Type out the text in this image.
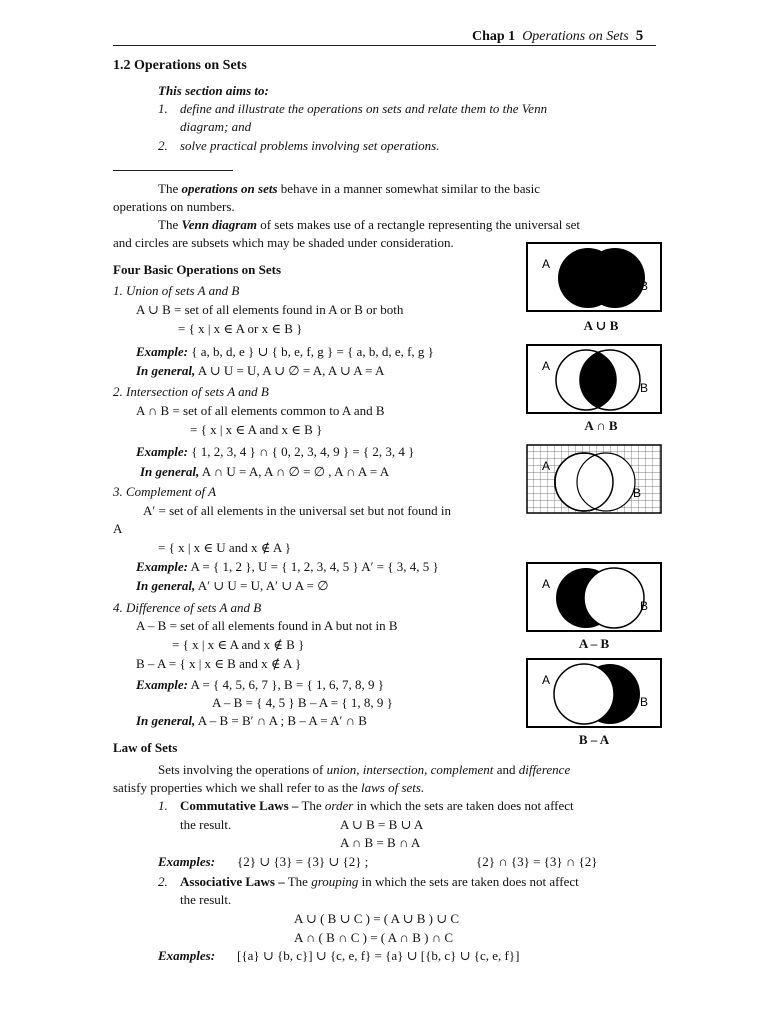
Chap 1 Operations on Sets 5
1.2 Operations on Sets
This section aims to:
1. define and illustrate the operations on sets and relate them to the Venn
diagram; and
2. solve practical problems involving set operations.
The operations on sets behave in a manner somewhat similar to the basic
operations on numbers.
The Venn diagram of sets makes use of a rectangle representing the universal set
and circles are subsets which may be shaded under consideration.
Four Basic Operations on Sets
1. Union of sets A and B
A ∪ B = set of all elements found in A or B or both
= { x | x ∈ A or x ∈ B }
Example: { a, b, d, e } ∪ { b, e, f, g } = { a, b, d, e, f, g }
In general, A ∪ U = U, A ∪ ∅ = A, A ∪ A = A
2. Intersection of sets A and B
A ∩ B = set of all elements common to A and B
= { x | x ∈ A and x ∈ B }
Example: { 1, 2, 3, 4 } ∩ { 0, 2, 3, 4, 9 } = { 2, 3, 4 }
In general, A ∩ U = A, A ∩ ∅ = ∅ , A ∩ A = A
3. Complement of A
A′ = set of all elements in the universal set but not found in
A
= { x | x ∈ U and x ∉ A }
Example: A = { 1, 2 }, U = { 1, 2, 3, 4, 5 } A′ = { 3, 4, 5 }
In general, A′ ∪ U = U, A′ ∪ A = ∅
4. Difference of sets A and B
A – B = set of all elements found in A but not in B
= { x | x ∈ A and x ∉ B }
B – A = { x | x ∈ B and x ∉ A }
Example: A = { 4, 5, 6, 7 }, B = { 1, 6, 7, 8, 9 }
A – B = { 4, 5 } B – A = { 1, 8, 9 }
In general, A – B = B′ ∩ A ; B – A = A′ ∩ B
Law of Sets
Sets involving the operations of union, intersection, complement and difference
satisfy properties which we shall refer to as the laws of sets.
1. Commutative Laws – The order in which the sets are taken does not affect
the result.	A ∪ B = B ∪ A
A ∩ B = B ∩ A
Examples: {2} ∪ {3} = {3} ∪ {2} ;	{2} ∩ {3} = {3} ∩ {2}
2. Associative Laws – The grouping in which the sets are taken does not affect
the result.
A ∪ ( B ∪ C ) = ( A ∪ B ) ∪ C
A ∩ ( B ∩ C ) = ( A ∩ B ) ∩ C
Examples: [{a} ∪ {b, c}] ∪ {c, e, f} = {a} ∪ [{b, c} ∪ {c, e, f}]
A
B
A ∪ B
A
B
A ∩ B
A
B
A
B
A – B
A
B
B – A
